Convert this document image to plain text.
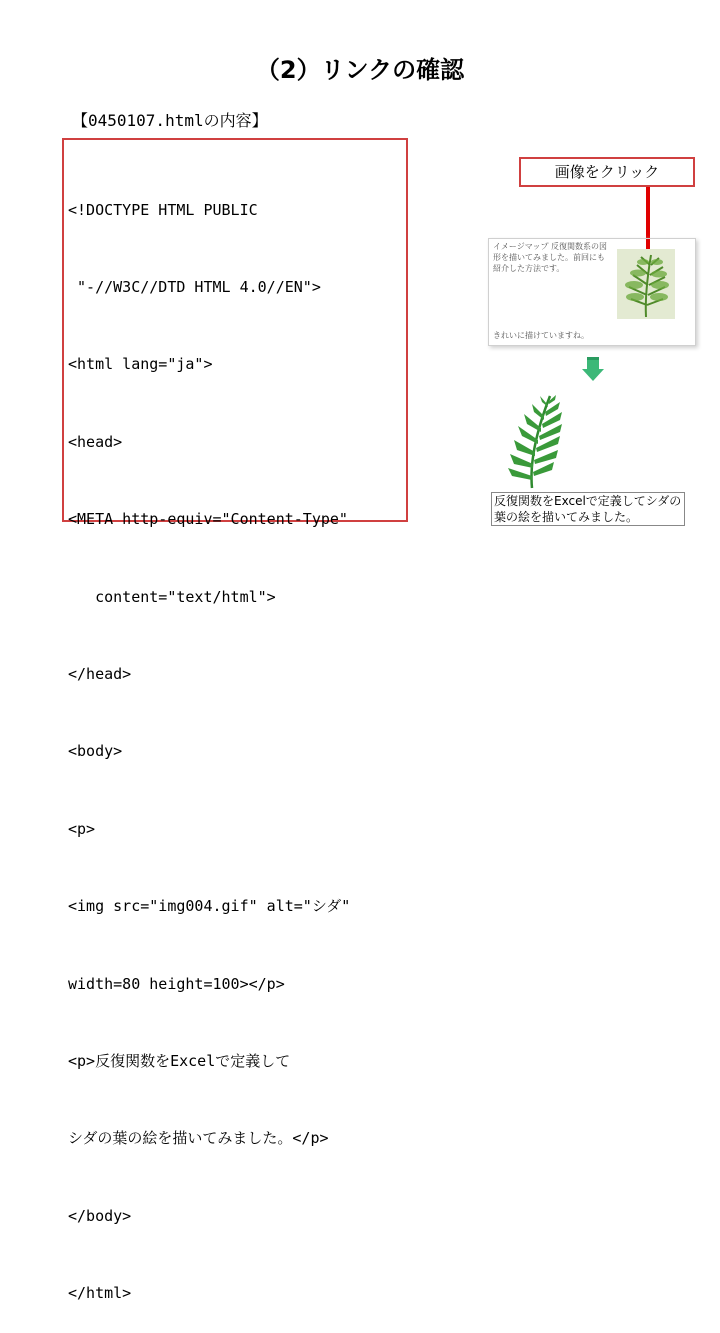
（2）リンクの確認
【0450107.htmlの内容】

<!DOCTYPE HTML PUBLIC

"-//W3C//DTD HTML 4.0//EN">

<html lang="ja">

<head>

<META http-equiv="Content-Type"

content="text/html">

</head>

<body>

<p>

<img src="img004.gif" alt="シダ"

width=80 height=100></p>

<p>反復関数をExcelで定義して

シダの葉の絵を描いてみました。</p>

</body>

</html>

画像をクリック
イメージマップ 反復関数系の図形を描いてみました。前回にも紹介した方法です。
きれいに描けていますね。
反復関数をExcelで定義してシダの葉の絵を描いてみました。
